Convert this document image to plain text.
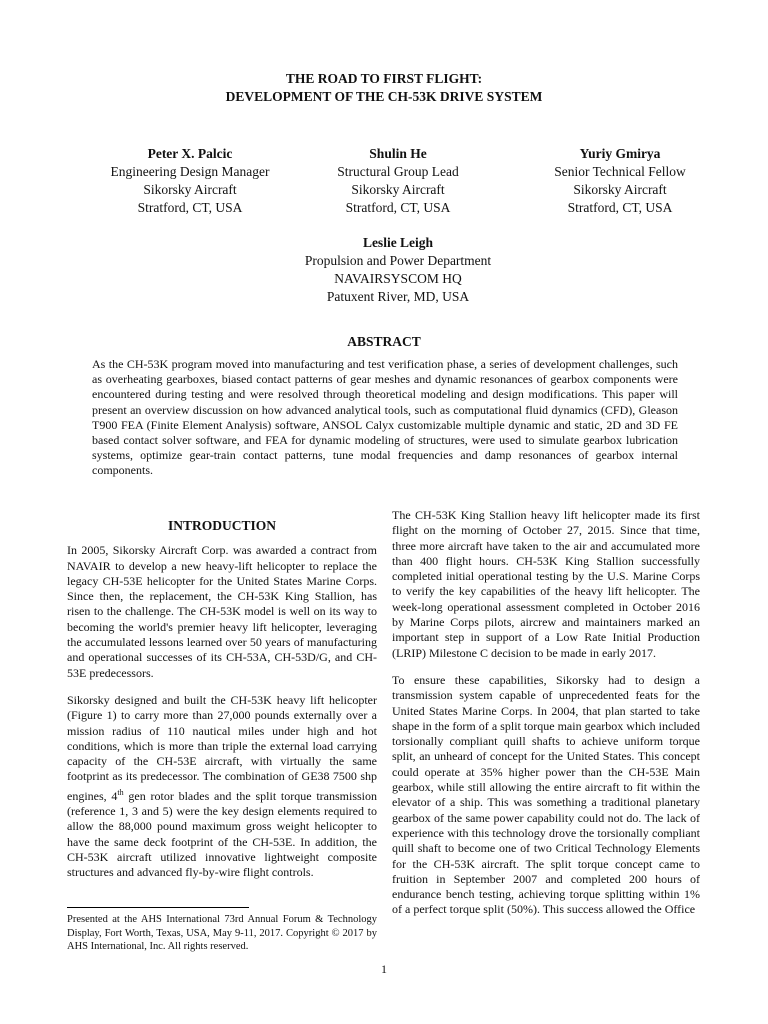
THE ROAD TO FIRST FLIGHT:
DEVELOPMENT OF THE CH-53K DRIVE SYSTEM
Peter X. Palcic
Engineering Design Manager
Sikorsky Aircraft
Stratford, CT, USA
Shulin He
Structural Group Lead
Sikorsky Aircraft
Stratford, CT, USA
Yuriy Gmirya
Senior Technical Fellow
Sikorsky Aircraft
Stratford, CT, USA
Leslie Leigh
Propulsion and Power Department
NAVAIRSYSCOM HQ
Patuxent River, MD, USA
ABSTRACT

As the CH-53K program moved into manufacturing and test verification phase, a series of development challenges, such as overheating gearboxes, biased contact patterns of gear meshes and dynamic resonances of gearbox components were encountered during testing and were resolved through theoretical modeling and design modifications. This paper will present an overview discussion on how advanced analytical tools, such as computational fluid dynamics (CFD), Gleason T900 FEA (Finite Element Analysis) software, ANSOL Calyx customizable multiple dynamic and static, 2D and 3D FE based contact solver software, and FEA for dynamic modeling of structures, were used to simulate gearbox lubrication systems, optimize gear-train contact patterns, tune modal frequencies and damp resonances of gearbox internal components.

INTRODUCTION

In 2005, Sikorsky Aircraft Corp. was awarded a contract from NAVAIR to develop a new heavy-lift helicopter to replace the legacy CH-53E helicopter for the United States Marine Corps. Since then, the replacement, the CH-53K King Stallion, has risen to the challenge. The CH-53K model is well on its way to becoming the world's premier heavy lift helicopter, leveraging the accumulated lessons learned over 50 years of manufacturing and operational successes of its CH-53A, CH-53D/G, and CH-53E predecessors.

Sikorsky designed and built the CH-53K heavy lift helicopter (Figure 1) to carry more than 27,000 pounds externally over a mission radius of 110 nautical miles under high and hot conditions, which is more than triple the external load carrying capacity of the CH-53E aircraft, with virtually the same footprint as its predecessor. The combination of GE38 7500 shp engines, 4th gen rotor blades and the split torque transmission (reference 1, 3 and 5) were the key design elements required to allow the 88,000 pound maximum gross weight helicopter to have the same deck footprint of the CH-53E. In addition, the CH-53K aircraft utilized innovative lightweight composite structures and advanced fly-by-wire flight controls.

The CH-53K King Stallion heavy lift helicopter made its first flight on the morning of October 27, 2015. Since that time, three more aircraft have taken to the air and accumulated more than 400 flight hours. CH-53K King Stallion successfully completed initial operational testing by the U.S. Marine Corps to verify the key capabilities of the heavy lift helicopter. The week-long operational assessment completed in October 2016 by Marine Corps pilots, aircrew and maintainers marked an important step in support of a Low Rate Initial Production (LRIP) Milestone C decision to be made in early 2017.

To ensure these capabilities, Sikorsky had to design a transmission system capable of unprecedented feats for the United States Marine Corps. In 2004, that plan started to take shape in the form of a split torque main gearbox which included torsionally compliant quill shafts to achieve uniform torque split, an unheard of concept for the United States. This concept could operate at 35% higher power than the CH-53E Main gearbox, while still allowing the entire aircraft to fit within the elevator of a ship. This was something a traditional planetary gearbox of the same power capability could not do. The lack of experience with this technology drove the torsionally compliant quill shaft to become one of two Critical Technology Elements for the CH-53K aircraft. The split torque concept came to fruition in September 2007 and completed 200 hours of endurance bench testing, achieving torque splitting within 1% of a perfect torque split (50%). This success allowed the Office

Presented at the AHS International 73rd Annual Forum & Technology Display, Fort Worth, Texas, USA, May 9-11, 2017. Copyright © 2017 by AHS International, Inc. All rights reserved.

1
